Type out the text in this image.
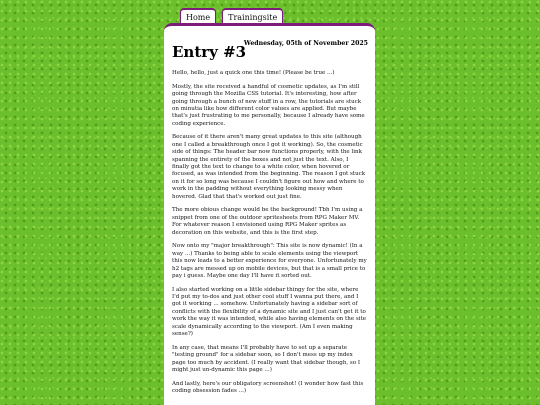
Home	Trainingsite
Entry #3
Wednesday, 05th of November 2025

Hello, hello, just a quick one this time! (Please be true ...)

Mostly, the site received a handful of cosmetic updates, as I'm still going through the Mozilla CSS tutorial. It's interesting, how after going through a bunch of new stuff in a row, the tutorials are stuck on minutia like how different color values are applied. But maybe that's just frustrating to me personally, because I already have some coding experience.

Because of it there aren't many great updates to this site (although one I called a breakthrough once I got it working). So, the cosmetic side of things: The header bar now functions properly, with the link spanning the entirety of the boxes and not just the text. Also, I finally got the text to change to a white color, when hovered or focused, as was intended from the beginning. The reason I got stuck on it for so long was because I couldn't figure out how and where to work in the padding without everything looking messy when hovered. Glad that that's worked out just fine.

The more obious change would be the background! Tbh I'm using a snippet from one of the outdoor spritesheets from RPG Maker MV. For whatever reason I envisioned using RPG Maker sprites as decoration on this website, and this is the first step.

Now onto my "major breakthrough": This site is now dynamic! (In a way ...) Thanks to being able to scale elements using the viewport this now leads to a better experience for everyone. Unfortunately my h2 tags are messed up on mobile devices, but that is a small price to pay i guess. Maybe one day I'll have it sorted out.

I also started working on a little sidebar thingy for the site, where I'd put my to-dos and just other cool stuff I wanna put there, and I got it working ... somehow. Unfortunately having a sidebar sort of conflicts with the flexibility of a dynamic site and I just can't get it to work the way it was intended, while also having elements on the site scale dynamically according to the viewport. (Am I even making sense?)

In any case, that means I'll probably have to set up a separate "testing ground" for a sidebar soon, so I don't mess up my index page too much by accident. (I really want that sidebar though, so I might just un-dynamic this page ...)

And lastly, here's our obligatory screenshot! (I wonder how fast this coding obsession fades ...)
